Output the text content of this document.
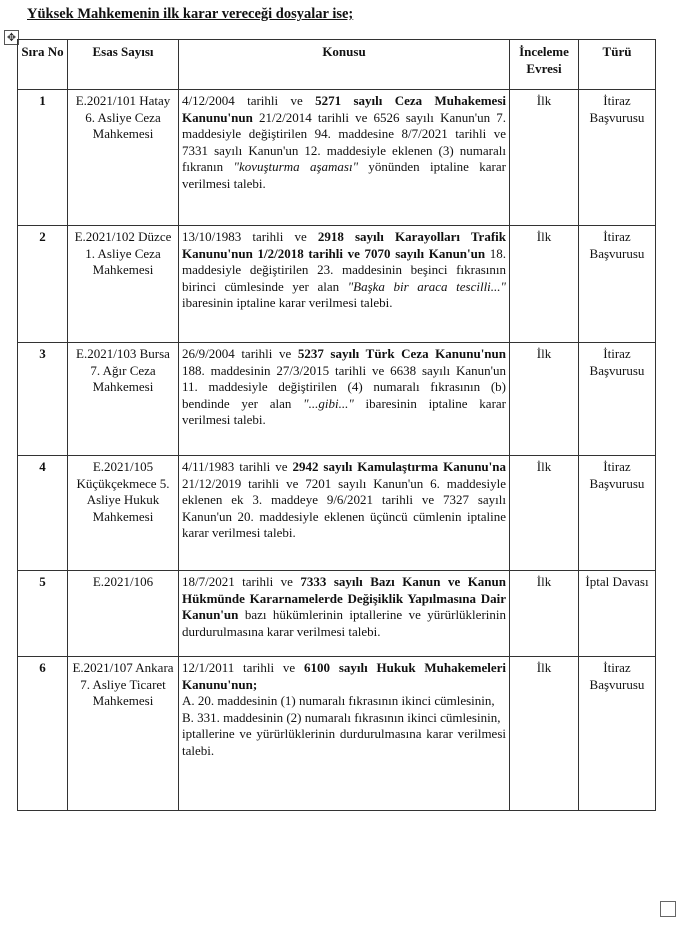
Yüksek Mahkemenin ilk karar vereceği dosyalar ise;
✥
Sıra No	Esas Sayısı	Konusu	İnceleme Evresi	Türü
1	E.2021/101 Hatay 6. Asliye Ceza Mahkemesi	4/12/2004 tarihli ve 5271 sayılı Ceza Muhakemesi Kanunu'nun 21/2/2014 tarihli ve 6526 sayılı Kanun'un 7. maddesiyle değiştirilen 94. maddesine 8/7/2021 tarihli ve 7331 sayılı Kanun'un 12. maddesiyle eklenen (3) numaralı fıkranın "kovuşturma aşaması" yönünden iptaline karar verilmesi talebi.	İlk	İtiraz Başvurusu
2	E.2021/102 Düzce 1. Asliye Ceza Mahkemesi	13/10/1983 tarihli ve 2918 sayılı Karayolları Trafik Kanunu'nun 1/2/2018 tarihli ve 7070 sayılı Kanun'un 18. maddesiyle değiştirilen 23. maddesinin beşinci fıkrasının birinci cümlesinde yer alan "Başka bir araca tescilli..." ibaresinin iptaline karar verilmesi talebi.	İlk	İtiraz Başvurusu
3	E.2021/103 Bursa 7. Ağır Ceza Mahkemesi	26/9/2004 tarihli ve 5237 sayılı Türk Ceza Kanunu'nun 188. maddesinin 27/3/2015 tarihli ve 6638 sayılı Kanun'un 11. maddesiyle değiştirilen (4) numaralı fıkrasının (b) bendinde yer alan "...gibi..." ibaresinin iptaline karar verilmesi talebi.	İlk	İtiraz Başvurusu
4	E.2021/105 Küçükçekmece 5. Asliye Hukuk Mahkemesi	4/11/1983 tarihli ve 2942 sayılı Kamulaştırma Kanunu'na 21/12/2019 tarihli ve 7201 sayılı Kanun'un 6. maddesiyle eklenen ek 3. maddeye 9/6/2021 tarihli ve 7327 sayılı Kanun'un 20. maddesiyle eklenen üçüncü cümlenin iptaline karar verilmesi talebi.	İlk	İtiraz Başvurusu
5	E.2021/106	18/7/2021 tarihli ve 7333 sayılı Bazı Kanun ve Kanun Hükmünde Kararnamelerde Değişiklik Yapılmasına Dair Kanun'un bazı hükümlerinin iptallerine ve yürürlüklerinin durdurulmasına karar verilmesi talebi.	İlk	İptal Davası
6	E.2021/107 Ankara 7. Asliye Ticaret Mahkemesi	12/1/2011 tarihli ve 6100 sayılı Hukuk Muhakemeleri Kanunu'nun;
A. 20. maddesinin (1) numaralı fıkrasının ikinci cümlesinin,
B. 331. maddesinin (2) numaralı fıkrasının ikinci cümlesinin,
iptallerine ve yürürlüklerinin durdurulmasına karar verilmesi talebi.	İlk	İtiraz Başvurusu
